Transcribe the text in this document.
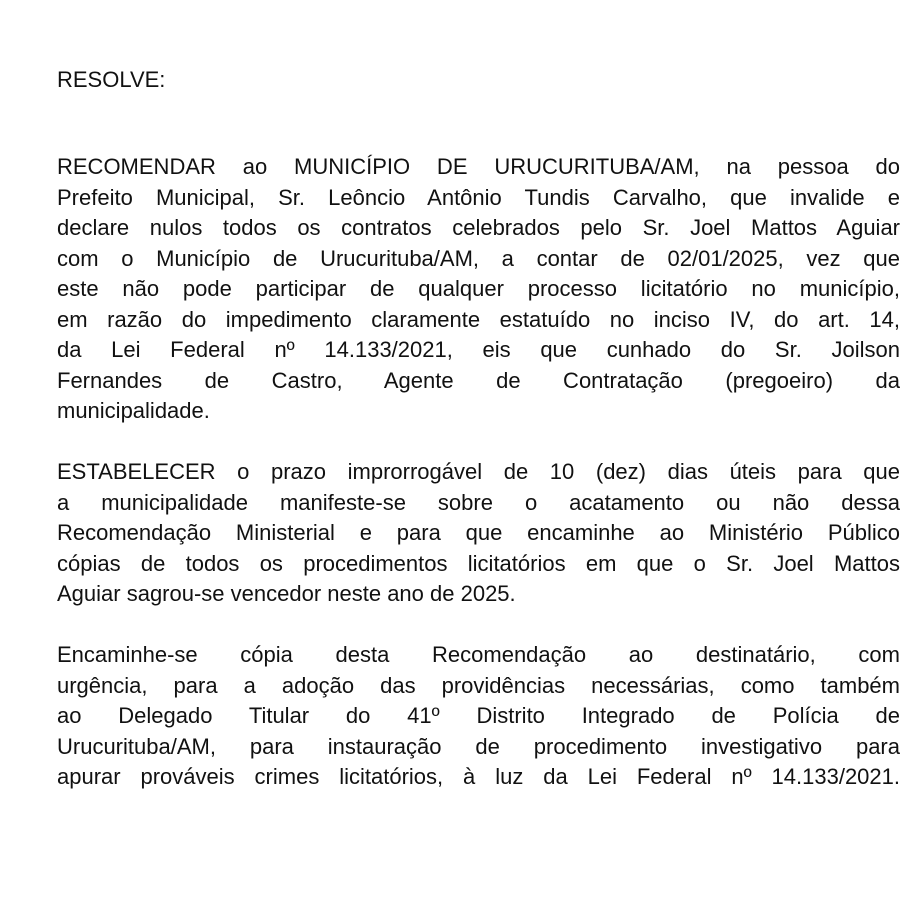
RESOLVE:

RECOMENDAR ao MUNICÍPIO DE URUCURITUBA/AM, na pessoa do
Prefeito Municipal, Sr. Leôncio Antônio Tundis Carvalho, que invalide e
declare nulos todos os contratos celebrados pelo Sr. Joel Mattos Aguiar
com o Município de Urucurituba/AM, a contar de 02/01/2025, vez que
este não pode participar de qualquer processo licitatório no município,
em razão do impedimento claramente estatuído no inciso IV, do art. 14,
da Lei Federal nº 14.133/2021, eis que cunhado do Sr. Joilson
Fernandes de Castro, Agente de Contratação (pregoeiro) da
municipalidade.

ESTABELECER o prazo improrrogável de 10 (dez) dias úteis para que
a municipalidade manifeste-se sobre o acatamento ou não dessa
Recomendação Ministerial e para que encaminhe ao Ministério Público
cópias de todos os procedimentos licitatórios em que o Sr. Joel Mattos
Aguiar sagrou-se vencedor neste ano de 2025.

Encaminhe-se cópia desta Recomendação ao destinatário, com
urgência, para a adoção das providências necessárias, como também
ao Delegado Titular do 41º Distrito Integrado de Polícia de
Urucurituba/AM, para instauração de procedimento investigativo para
apurar prováveis crimes licitatórios, à luz da Lei Federal nº 14.133/2021.
